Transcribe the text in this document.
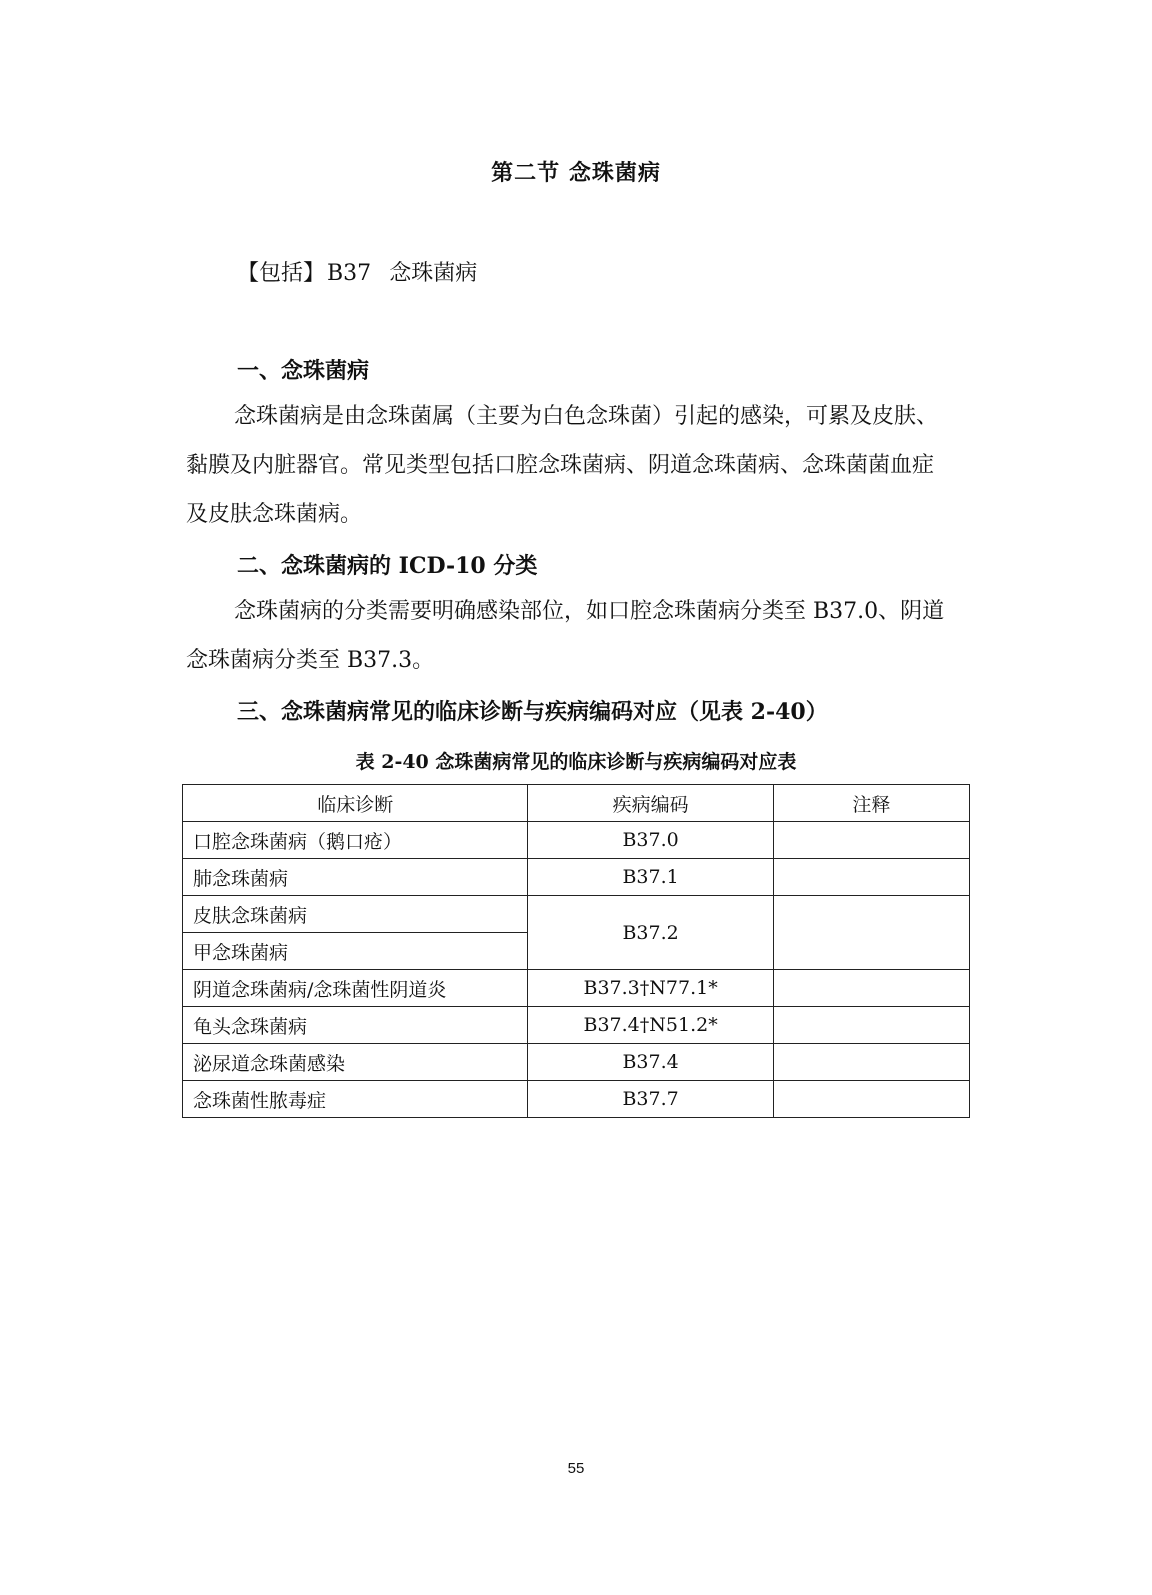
第二节 念珠菌病
【包括】B37 念珠菌病
一、念珠菌病
念珠菌病是由念珠菌属（主要为白色念珠菌）引起的感染，可累及皮肤、黏膜及内脏器官。常见类型包括口腔念珠菌病、阴道念珠菌病、念珠菌菌血症及皮肤念珠菌病。
二、念珠菌病的 ICD-10 分类
念珠菌病的分类需要明确感染部位，如口腔念珠菌病分类至 B37.0、阴道念珠菌病分类至 B37.3。
三、念珠菌病常见的临床诊断与疾病编码对应（见表 2-40）
表 2-40 念珠菌病常见的临床诊断与疾病编码对应表
临床诊断	疾病编码	注释
口腔念珠菌病（鹅口疮）	B37.0	
肺念珠菌病	B37.1	
皮肤念珠菌病	B37.2	
甲念珠菌病		
阴道念珠菌病/念珠菌性阴道炎	B37.3†N77.1*	
龟头念珠菌病	B37.4†N51.2*	
泌尿道念珠菌感染	B37.4	
念珠菌性脓毒症	B37.7	
55
